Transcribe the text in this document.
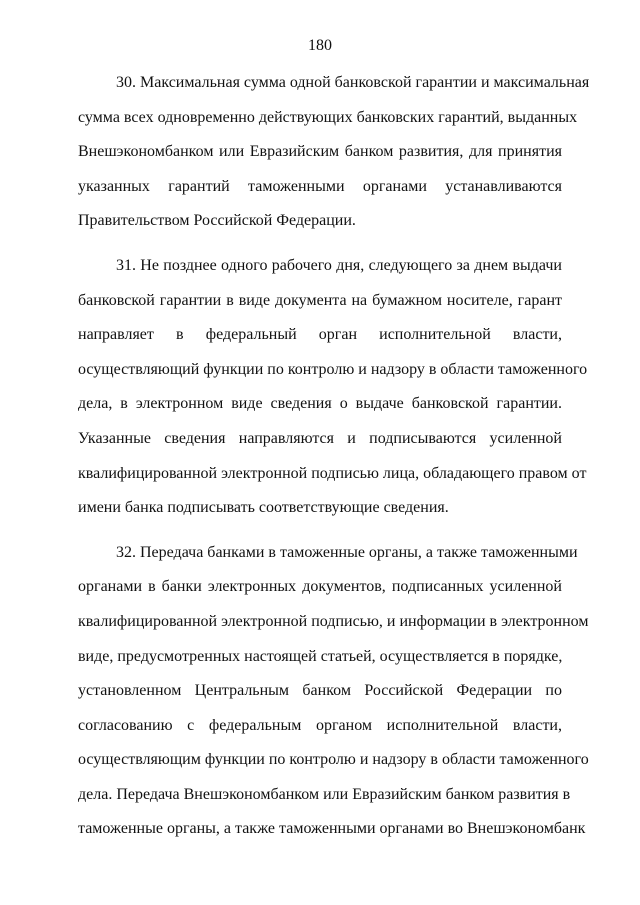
180
30. Максимальная сумма одной банковской гарантии и максимальная
сумма всех одновременно действующих банковских гарантий, выданных
Внешэкономбанком или Евразийским банком развития, для принятия
указанных гарантий таможенными органами устанавливаются
Правительством Российской Федерации.
31. Не позднее одного рабочего дня, следующего за днем выдачи
банковской гарантии в виде документа на бумажном носителе, гарант
направляет в федеральный орган исполнительной власти,
осуществляющий функции по контролю и надзору в области таможенного
дела, в электронном виде сведения о выдаче банковской гарантии.
Указанные сведения направляются и подписываются усиленной
квалифицированной электронной подписью лица, обладающего правом от
имени банка подписывать соответствующие сведения.
32. Передача банками в таможенные органы, а также таможенными
органами в банки электронных документов, подписанных усиленной
квалифицированной электронной подписью, и информации в электронном
виде, предусмотренных настоящей статьей, осуществляется в порядке,
установленном Центральным банком Российской Федерации по
согласованию с федеральным органом исполнительной власти,
осуществляющим функции по контролю и надзору в области таможенного
дела. Передача Внешэкономбанком или Евразийским банком развития в
таможенные органы, а также таможенными органами во Внешэкономбанк
